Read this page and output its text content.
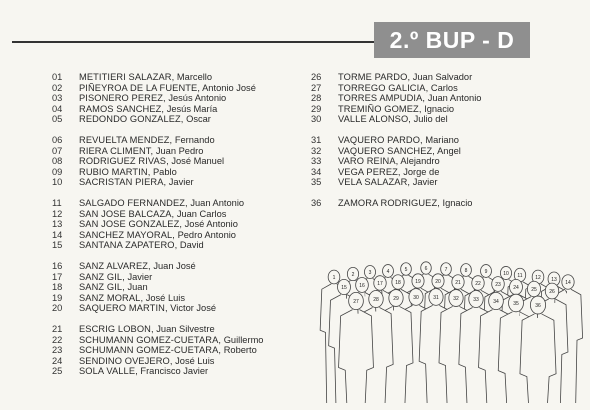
2.º BUP - D
01 METITIERI SALAZAR, Marcello
02 PIÑEYROA DE LA FUENTE, Antonio José
03 PISONERO PEREZ, Jesús Antonio
04 RAMOS SANCHEZ, Jesús María
05 REDONDO GONZALEZ, Oscar
06 REVUELTA MENDEZ, Fernando
07 RIERA CLIMENT, Juan Pedro
08 RODRIGUEZ RIVAS, José Manuel
09 RUBIO MARTIN, Pablo
10 SACRISTAN PIERA, Javier
11 SALGADO FERNANDEZ, Juan Antonio
12 SAN JOSE BALCAZA, Juan Carlos
13 SAN JOSE GONZALEZ, José Antonio
14 SANCHEZ MAYORAL, Pedro Antonio
15 SANTANA ZAPATERO, David
16 SANZ ALVAREZ, Juan José
17 SANZ GIL, Javier
18 SANZ GIL, Juan
19 SANZ MORAL, José Luis
20 SAQUERO MARTIN, Victor José
21 ESCRIG LOBON, Juan Silvestre
22 SCHUMANN GOMEZ-CUETARA, Guillermo
23 SCHUMANN GOMEZ-CUETARA, Roberto
24 SENDINO OVEJERO, José Luis
25 SOLA VALLE, Francisco Javier
26 TORME PARDO, Juan Salvador
27 TORREGO GALICIA, Carlos
28 TORRES AMPUDIA, Juan Antonio
29 TREMIÑO GOMEZ, Ignacio
30 VALLE ALONSO, Julio del
31 VAQUERO PARDO, Mariano
32 VAQUERO SANCHEZ, Angel
33 VARO REINA, Alejandro
34 VEGA PEREZ, Jorge de
35 VELA SALAZAR, Javier
36 ZAMORA RODRIGUEZ, Ignacio
6
5	7	8
4	9
3	10
2	11
1	12 13
19	20	14
18	21
17	22	23
16
15	24 25 26
30	31
29	32
28	33
27	34	35	36
